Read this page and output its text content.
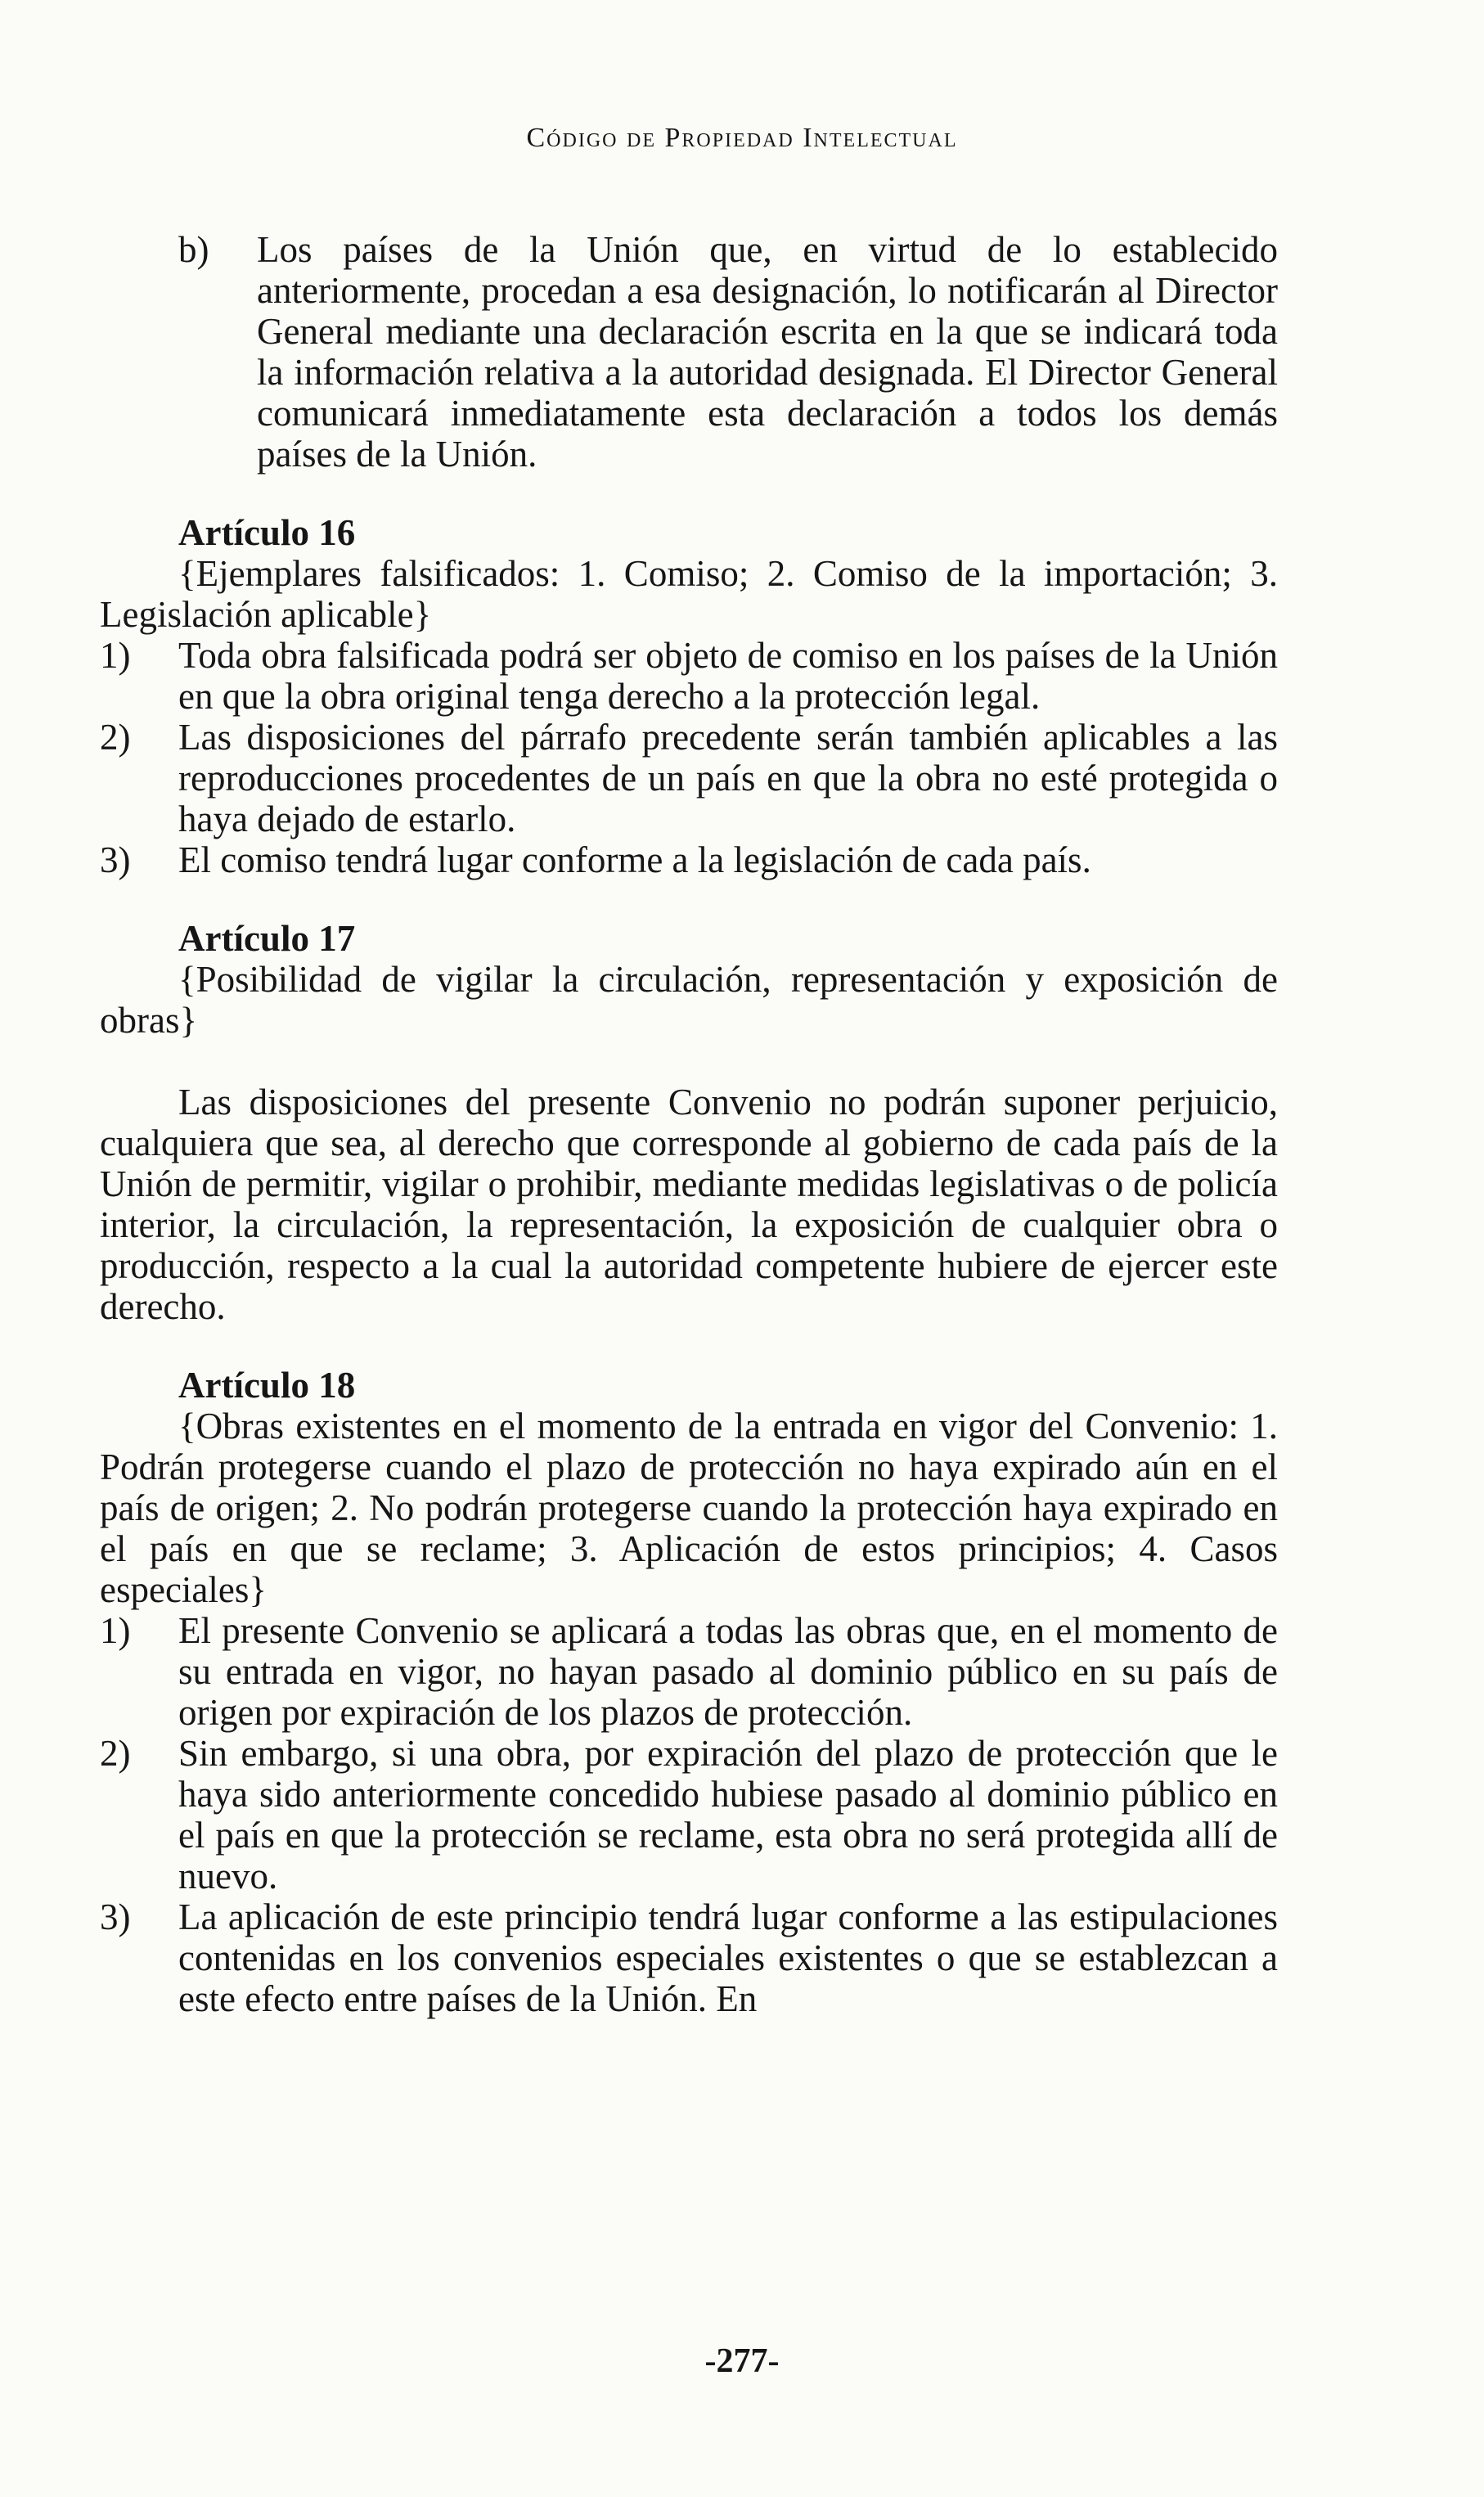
Código de Propiedad Intelectual
b)	Los países de la Unión que, en virtud de lo establecido anteriormente, procedan a esa designación, lo notificarán al Director General mediante una declaración escrita en la que se indicará toda la información relativa a la autoridad designada. El Director General comunicará inmediatamente esta declaración a todos los demás países de la Unión.
Artículo 16
{Ejemplares falsificados: 1. Comiso; 2. Comiso de la importación; 3. Legislación aplicable}
1)	Toda obra falsificada podrá ser objeto de comiso en los países de la Unión en que la obra original tenga derecho a la protección legal.
2)	Las disposiciones del párrafo precedente serán también aplicables a las reproducciones procedentes de un país en que la obra no esté protegida o haya dejado de estarlo.
3)	El comiso tendrá lugar conforme a la legislación de cada país.
Artículo 17
{Posibilidad de vigilar la circulación, representación y exposición de obras}
Las disposiciones del presente Convenio no podrán suponer perjuicio, cualquiera que sea, al derecho que corresponde al gobierno de cada país de la Unión de permitir, vigilar o prohibir, mediante medidas legislativas o de policía interior, la circulación, la representación, la exposición de cualquier obra o producción, respecto a la cual la autoridad competente hubiere de ejercer este derecho.
Artículo 18
{Obras existentes en el momento de la entrada en vigor del Convenio: 1. Podrán protegerse cuando el plazo de protección no haya expirado aún en el país de origen; 2. No podrán protegerse cuando la protección haya expirado en el país en que se reclame; 3. Aplicación de estos principios; 4. Casos especiales}
1)	El presente Convenio se aplicará a todas las obras que, en el momento de su entrada en vigor, no hayan pasado al dominio público en su país de origen por expiración de los plazos de protección.
2)	Sin embargo, si una obra, por expiración del plazo de protección que le haya sido anteriormente concedido hubiese pasado al dominio público en el país en que la protección se reclame, esta obra no será protegida allí de nuevo.
3)	La aplicación de este principio tendrá lugar conforme a las estipulaciones contenidas en los convenios especiales existentes o que se establezcan a este efecto entre países de la Unión. En
-277-
